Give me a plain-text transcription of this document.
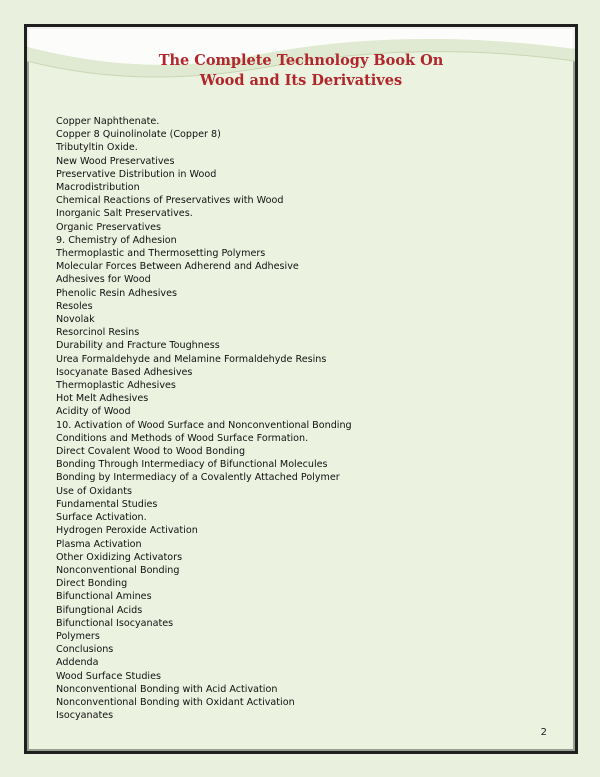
The Complete Technology Book On
Wood and Its Derivatives
Copper Naphthenate.
Copper 8 Quinolinolate (Copper 8)
Tributyltin Oxide.
New Wood Preservatives
Preservative Distribution in Wood
Macrodistribution
Chemical Reactions of Preservatives with Wood
Inorganic Salt Preservatives.
Organic Preservatives
9. Chemistry of Adhesion
Thermoplastic and Thermosetting Polymers
Molecular Forces Between Adherend and Adhesive
Adhesives for Wood
Phenolic Resin Adhesives
Resoles
Novolak
Resorcinol Resins
Durability and Fracture Toughness
Urea Formaldehyde and Melamine Formaldehyde Resins
Isocyanate Based Adhesives
Thermoplastic Adhesives
Hot Melt Adhesives
Acidity of Wood
10. Activation of Wood Surface and Nonconventional Bonding
Conditions and Methods of Wood Surface Formation.
Direct Covalent Wood to Wood Bonding
Bonding Through Intermediacy of Bifunctional Molecules
Bonding by Intermediacy of a Covalently Attached Polymer
Use of Oxidants
Fundamental Studies
Surface Activation.
Hydrogen Peroxide Activation
Plasma Activation
Other Oxidizing Activators
Nonconventional Bonding
Direct Bonding
Bifunctional Amines
Bifungtional Acids
Bifunctional Isocyanates
Polymers
Conclusions
Addenda
Wood Surface Studies
Nonconventional Bonding with Acid Activation
Nonconventional Bonding with Oxidant Activation
Isocyanates
2
